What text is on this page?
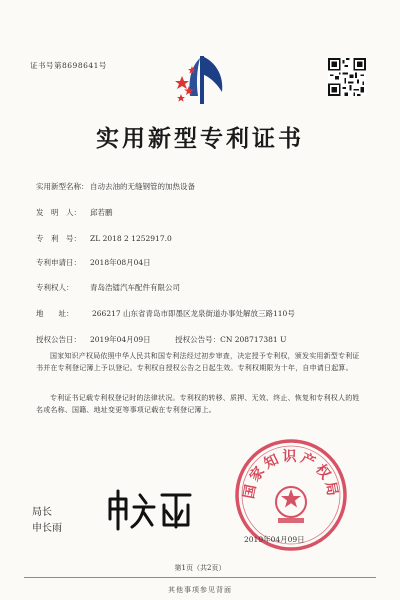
证书号第8698641号
实用新型专利证书
实用新型名称： 自动去油的无缝钢管的加热设备
发　明　人： 邱若鹏
专　利　号： ZL 2018 2 1252917.0
专利申请日： 2018年08月04日
专利权人： 青岛浩镭汽车配件有限公司
地　　址：	266217 山东省青岛市即墨区龙泉街道办事处解放三路110号
授权公告日： 2019年04月09日	授权公告号：CN 208717381 U
国家知识产权局依照中华人民共和国专利法经过初步审查，决定授予专利权，颁发实用新型专利证书并在专利登记簿上予以登记。专利权自授权公告之日起生效。专利权期限为十年，自申请日起算。
专利证书记载专利权登记时的法律状况。专利权的转移、质押、无效、终止、恢复和专利权人的姓名或名称、国籍、地址变更等事项记载在专利登记簿上。
国家知识产权局
2019年04月09日
局长
申长雨
第1页（共2页）
其他事项参见背面
